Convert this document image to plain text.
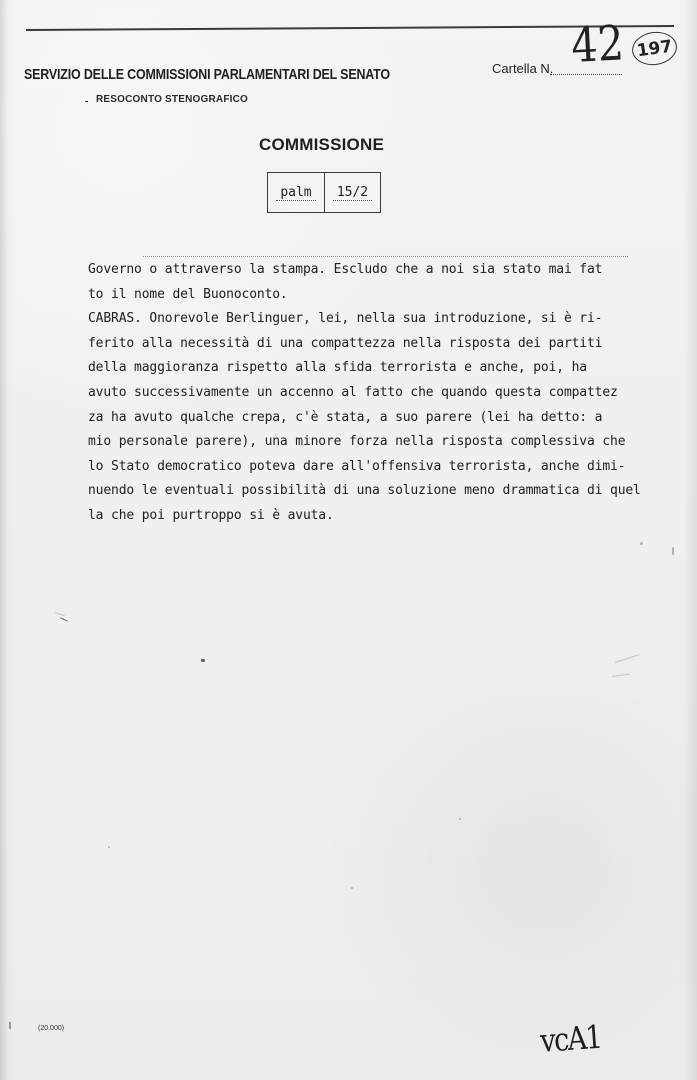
SERVIZIO DELLE COMMISSIONI PARLAMENTARI DEL SENATO
RESOCONTO STENOGRAFICO
Cartella N. 42 197
COMMISSIONE
palm	15/2
Governo o attraverso la stampa. Escludo che a noi sia stato mai fat
to il nome del Buonoconto.
CABRAS. Onorevole Berlinguer, lei, nella sua introduzione, si è ri-
ferito alla necessità di una compattezza nella risposta dei partiti
della maggioranza rispetto alla sfida terrorista e anche, poi, ha
avuto successivamente un accenno al fatto che quando questa compattez
za ha avuto qualche crepa, c'è stata, a suo parere (lei ha detto: a
mio personale parere), una minore forza nella risposta complessiva che
lo Stato democratico poteva dare all'offensiva terrorista, anche dimi-
nuendo le eventuali possibilità di una soluzione meno drammatica di quel
la che poi purtroppo si è avuta.
(20.000)	vcA1
